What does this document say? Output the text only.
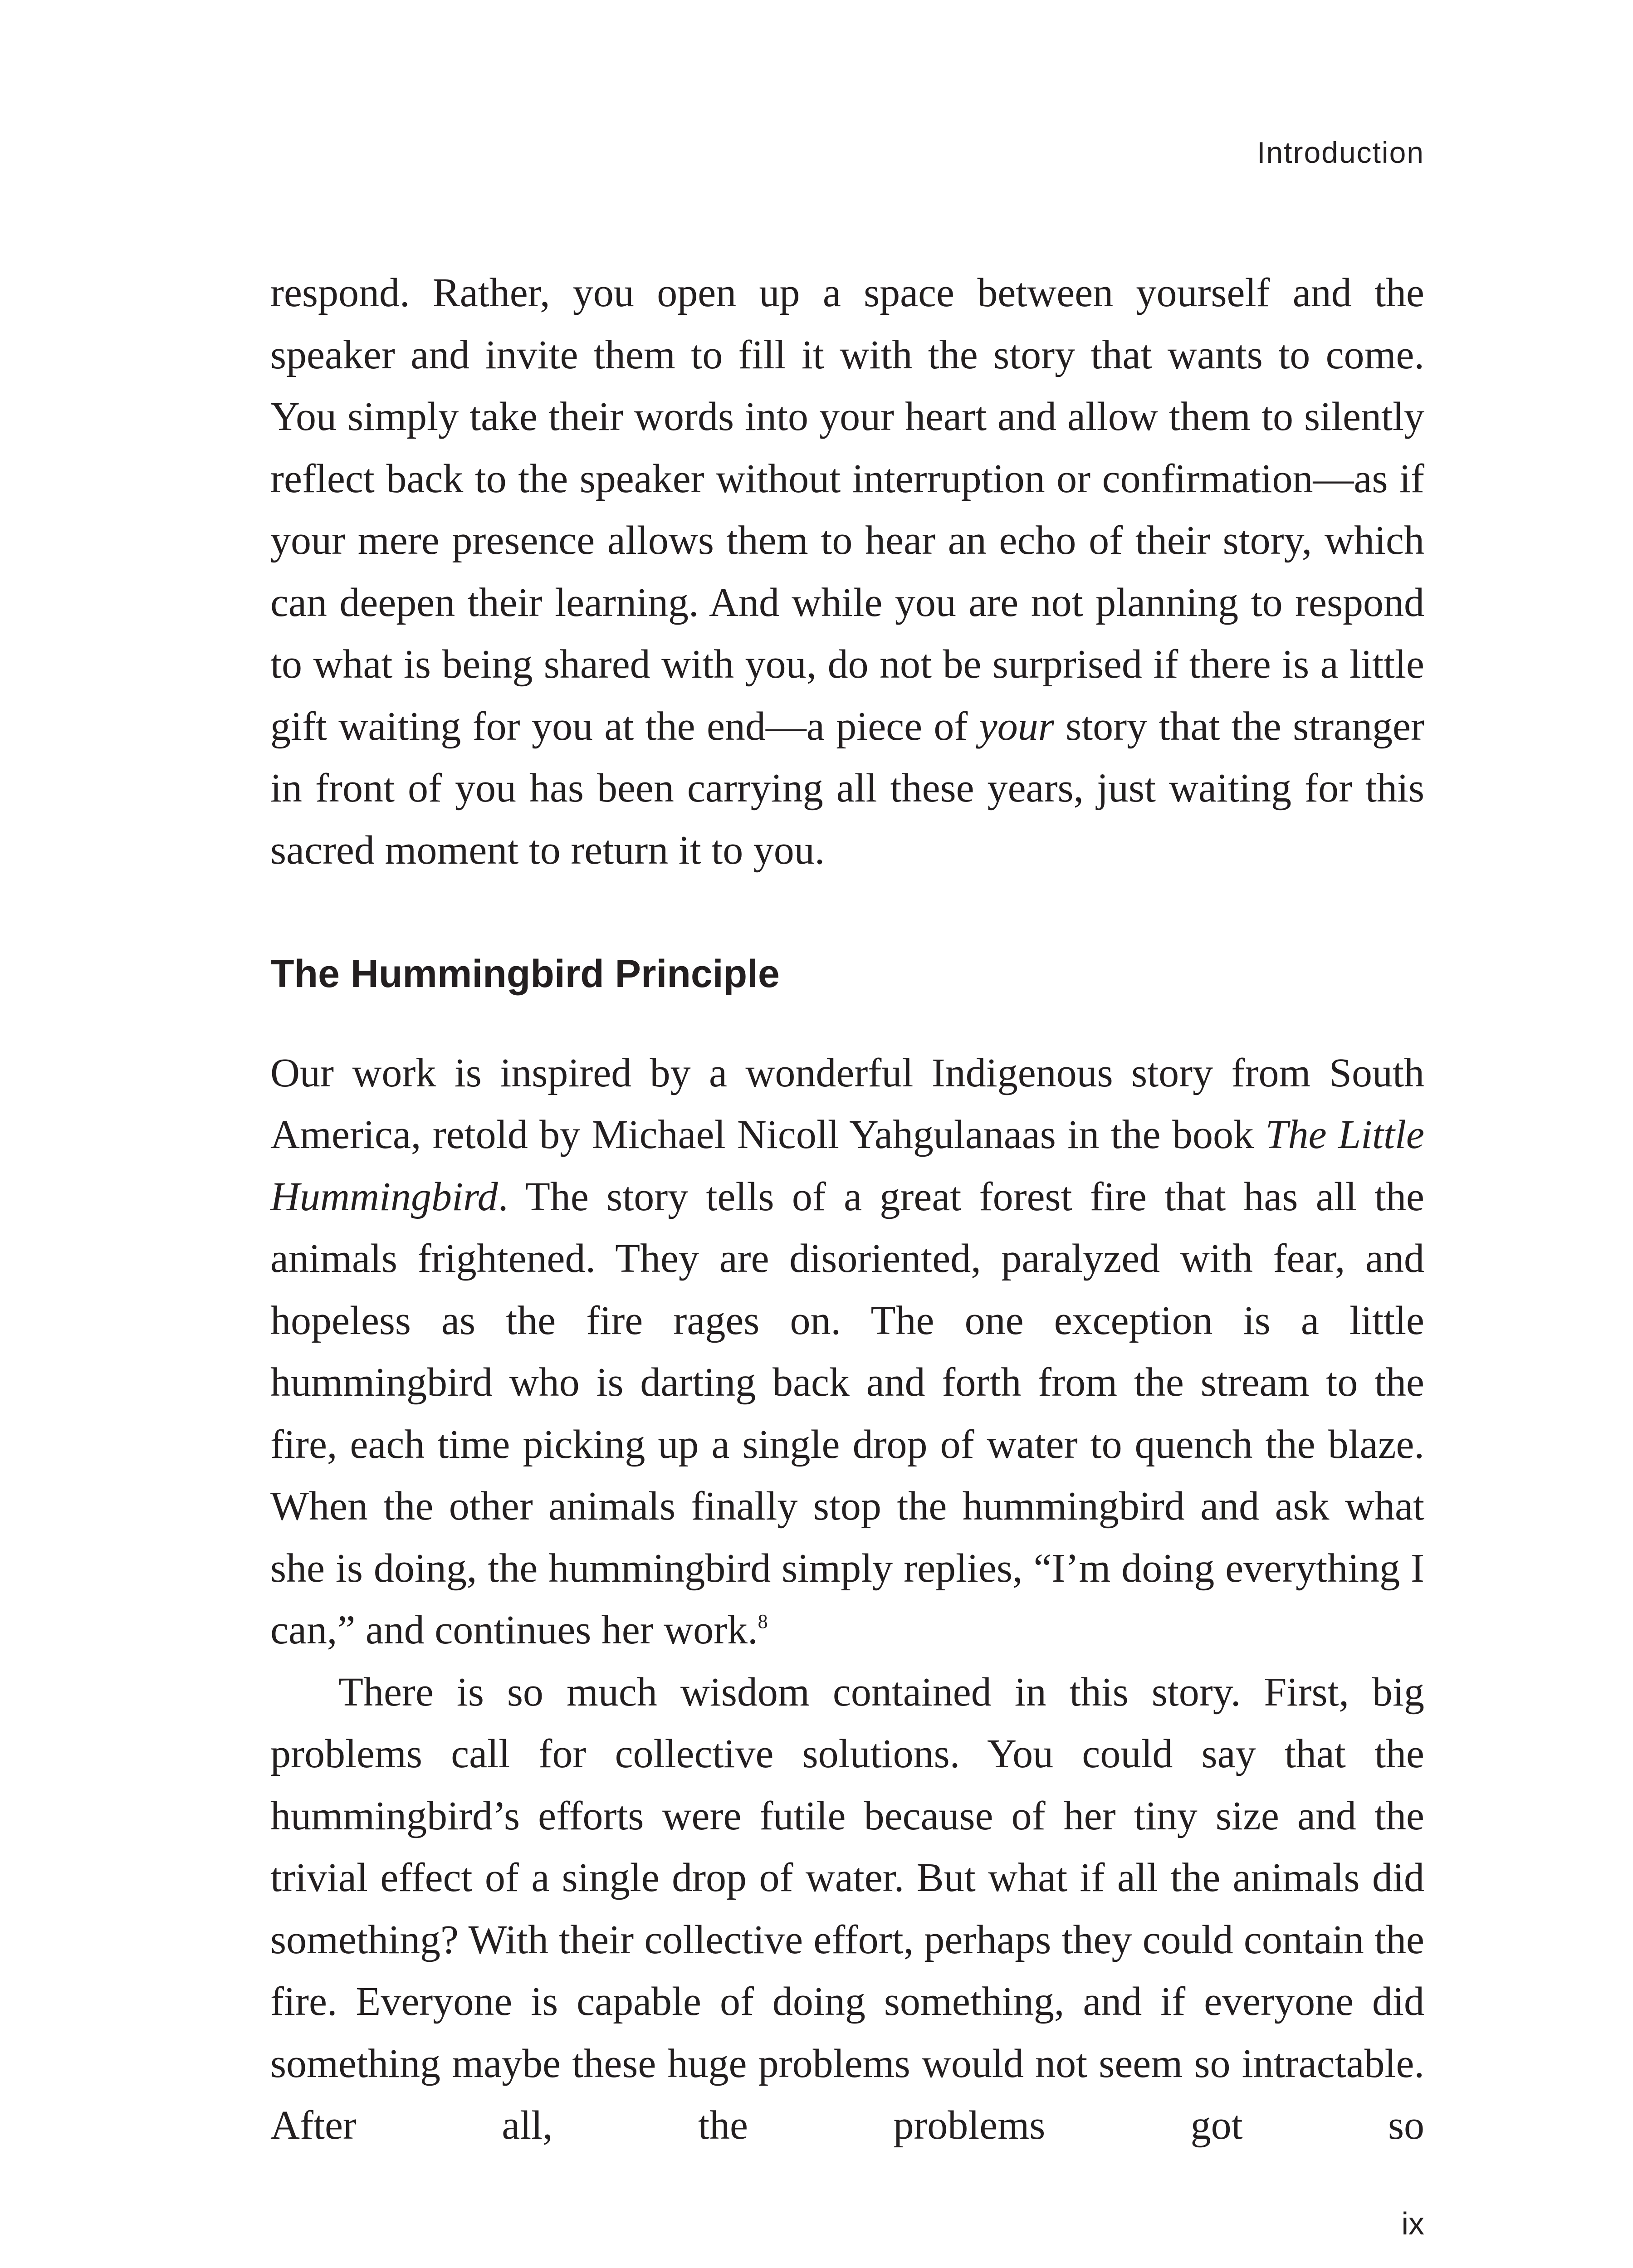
Introduction

respond. Rather, you open up a space between yourself and the speaker and invite them to fill it with the story that wants to come. You simply take their words into your heart and allow them to silently reflect back to the speaker without interruption or confirmation—as if your mere presence allows them to hear an echo of their story, which can deepen their learning. And while you are not planning to respond to what is being shared with you, do not be surprised if there is a little gift waiting for you at the end—a piece of your story that the stranger in front of you has been carrying all these years, just waiting for this sacred moment to return it to you.

The Hummingbird Principle

Our work is inspired by a wonderful Indigenous story from South America, retold by Michael Nicoll Yahgulanaas in the book The Little Hummingbird. The story tells of a great forest fire that has all the animals frightened. They are disoriented, paralyzed with fear, and hopeless as the fire rages on. The one exception is a little hummingbird who is darting back and forth from the stream to the fire, each time picking up a single drop of water to quench the blaze. When the other animals finally stop the hummingbird and ask what she is doing, the hummingbird simply replies, “I’m doing everything I can,” and continues her work.$^8$

There is so much wisdom contained in this story. First, big problems call for collective solutions. You could say that the hummingbird’s efforts were futile because of her tiny size and the trivial effect of a single drop of water. But what if all the animals did something? With their collective effort, perhaps they could contain the fire. Everyone is capable of doing something, and if everyone did something maybe these huge problems would not seem so intractable. After all, the problems got so

ix
